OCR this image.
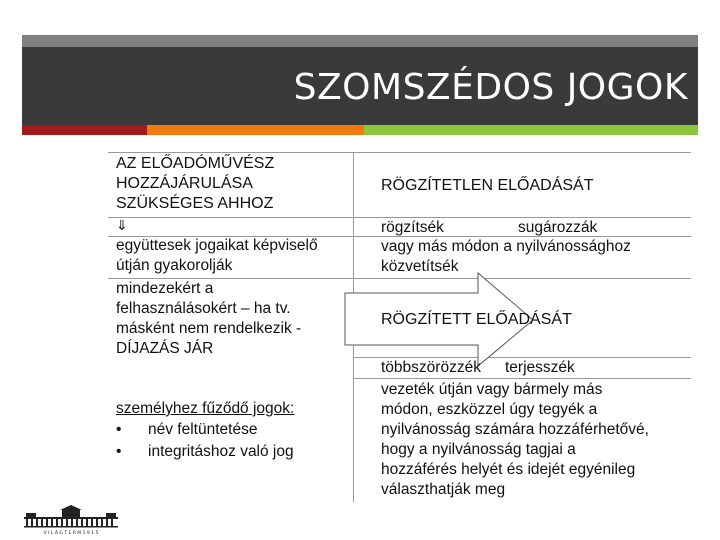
SZOMSZÉDOS JOGOK
AZ ELŐADÓMŰVÉSZ
HOZZÁJÁRULÁSA
SZÜKSÉGES AHHOZ
⇓
együttesek jogaikat képviselő
útján gyakorolják
mindezekért a
felhasználásokért – ha tv.
másként nem rendelkezik -
DÍJAZÁS JÁR
személyhez fűződő jogok:
• név feltüntetése
• integritáshoz való jog
RÖGZÍTETLEN ELŐADÁSÁT
rögzítsék	sugározzák
vagy más módon a nyilvánossághoz
közvetítsék
RÖGZÍTETT ELŐADÁSÁT
többszörözzék terjesszék
vezeték útján vagy bármely más
módon, eszközzel úgy tegyék a
nyilvánosság számára hozzáférhetővé,
hogy a nyilvánosság tagjai a
hozzáférés helyét és idejét egyénileg
választhatják meg
V I L Á G T E R M 1 9 1 5
